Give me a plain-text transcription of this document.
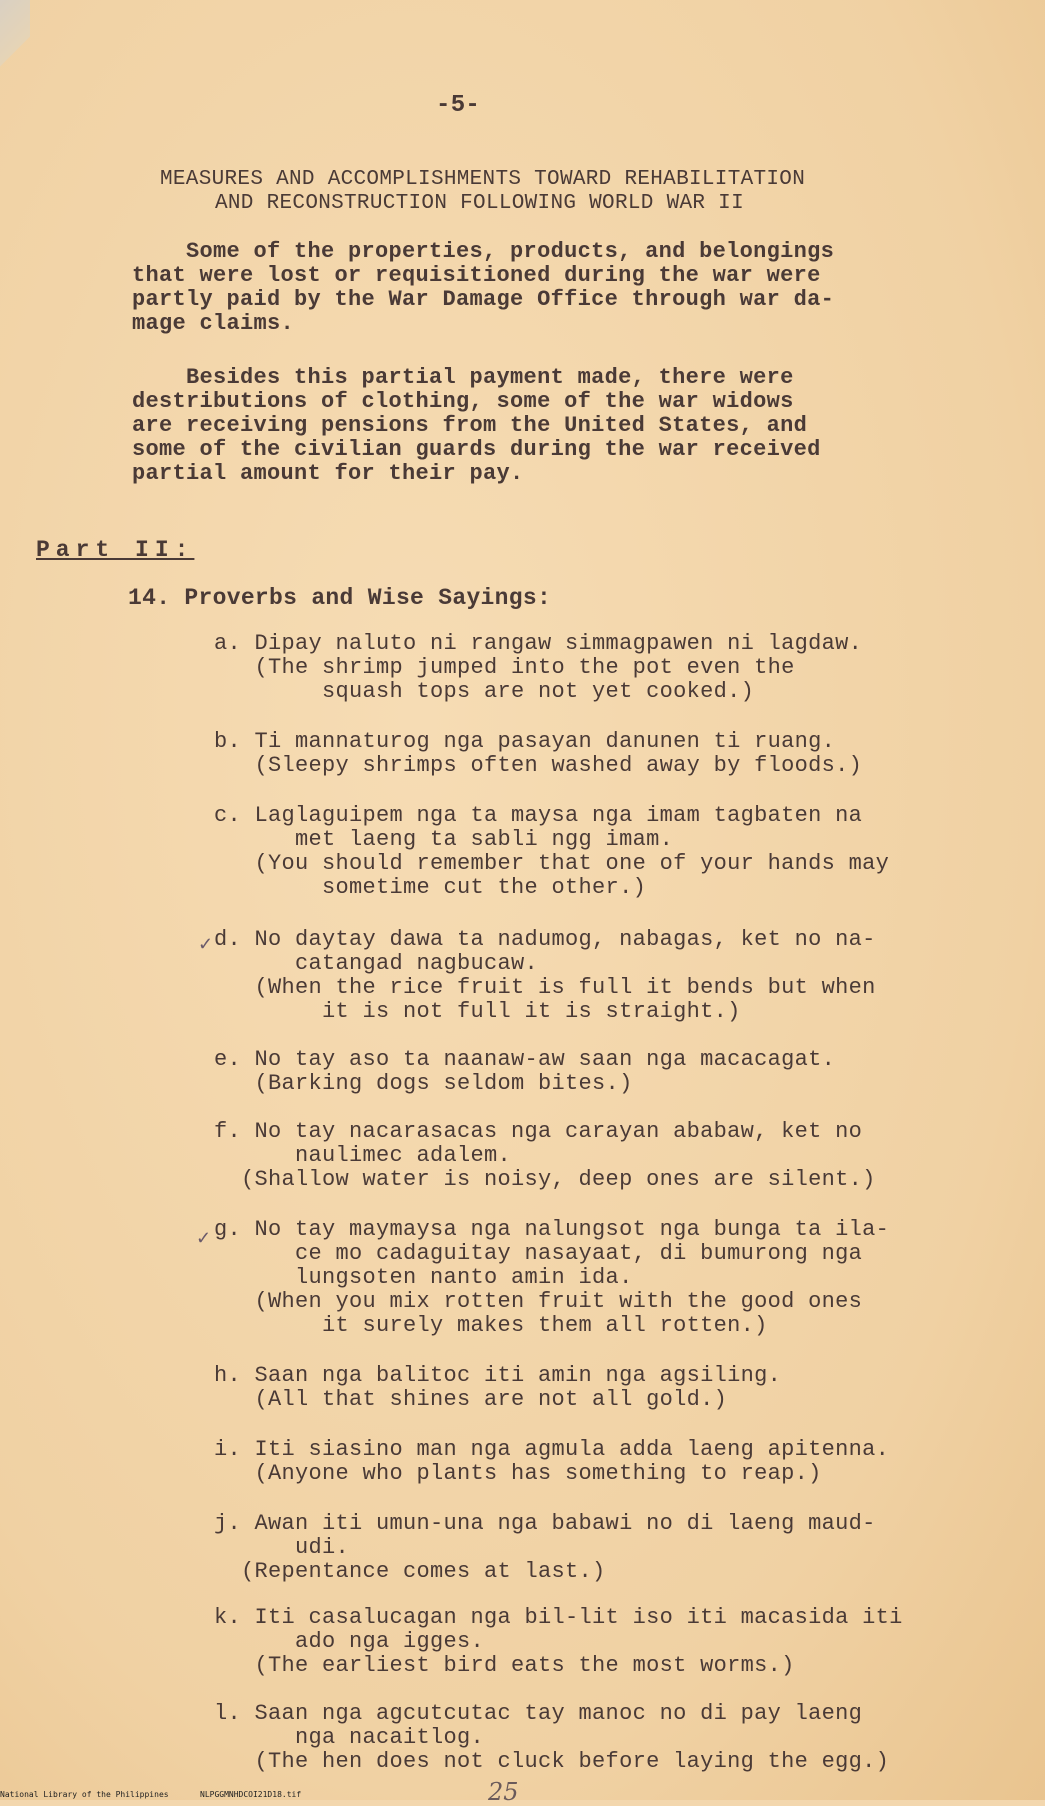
-5-
MEASURES AND ACCOMPLISHMENTS TOWARD REHABILITATION
AND RECONSTRUCTION FOLLOWING WORLD WAR II
Some of the properties, products, and belongings
that were lost or requisitioned during the war were
partly paid by the War Damage Office through war da-
mage claims.
Besides this partial payment made, there were
destributions of clothing, some of the war widows
are receiving pensions from the United States, and
some of the civilian guards during the war received
partial amount for their pay.
Part II:
14. Proverbs and Wise Sayings:
a. Dipay naluto ni rangaw simmagpawen ni lagdaw.
(The shrimp jumped into the pot even the
squash tops are not yet cooked.)
b. Ti mannaturog nga pasayan danunen ti ruang.
(Sleepy shrimps often washed away by floods.)
c. Laglaguipem nga ta maysa nga imam tagbaten na
met laeng ta sabli ngg imam.
(You should remember that one of your hands may
sometime cut the other.)
✓ d. No daytay dawa ta nadumog, nabagas, ket no na-
catangad nagbucaw.
(When the rice fruit is full it bends but when
it is not full it is straight.)
e. No tay aso ta naanaw-aw saan nga macacagat.
(Barking dogs seldom bites.)
f. No tay nacarasacas nga carayan ababaw, ket no
naulimec adalem.
(Shallow water is noisy, deep ones are silent.)
✓ g. No tay maymaysa nga nalungsot nga bunga ta ila-
ce mo cadaguitay nasayaat, di bumurong nga
lungsoten nanto amin ida.
(When you mix rotten fruit with the good ones
it surely makes them all rotten.)
h. Saan nga balitoc iti amin nga agsiling.
(All that shines are not all gold.)
i. Iti siasino man nga agmula adda laeng apitenna.
(Anyone who plants has something to reap.)
j. Awan iti umun-una nga babawi no di laeng maud-
udi.
(Repentance comes at last.)
k. Iti casalucagan nga bil-lit iso iti macasida iti
ado nga igges.
(The earliest bird eats the most worms.)
l. Saan nga agcutcutac tay manoc no di pay laeng
nga nacaitlog.
(The hen does not cluck before laying the egg.)
25
National Library of the Philippines	NLPGGMNHDCOI21D18.tif
